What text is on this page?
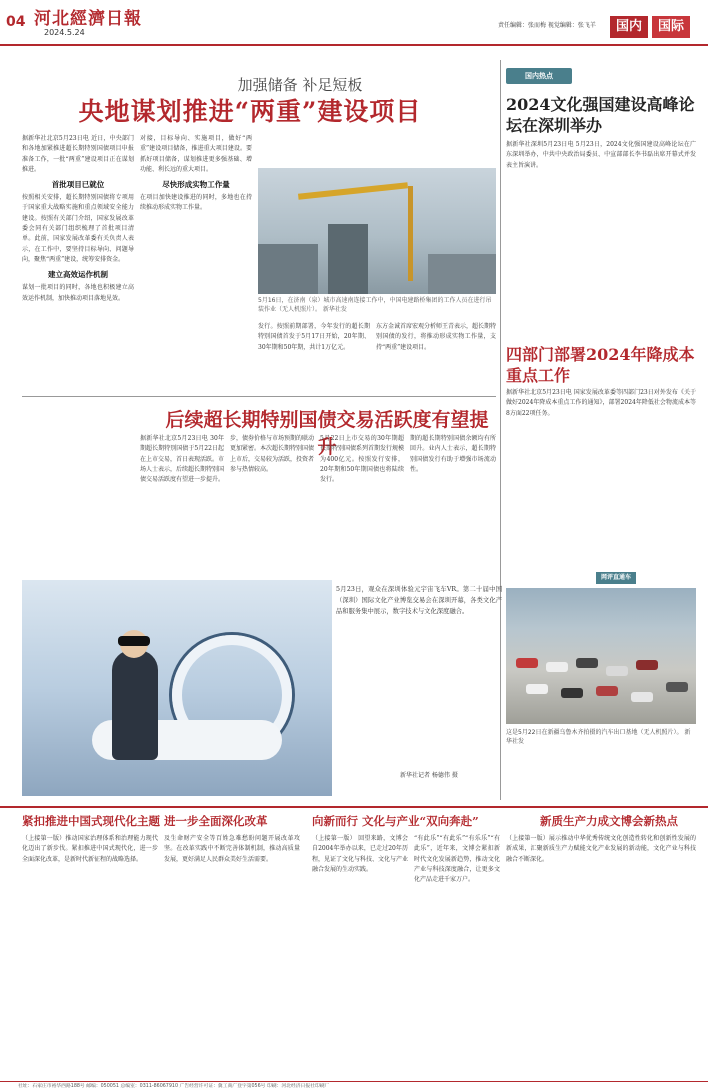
04 河北經濟日報
2024.5.24
责任编辑：张而梅 视觉编辑：张飞羊	国内	国际
加强储备 补足短板
央地谋划推进“两重”建设项目

据新华社北京5月23日电 近日，中央部门和各地加紧推进超长期特别国债项目申报准备工作，一批“两重”建设项目正在谋划推进。

首批项目已就位

按照相关安排，超长期特别国债将专项用于国家重大战略实施和重点领域安全能力建设。按照有关部门介绍，国家发展改革委会同有关部门组织梳理了首批项目清单。此前，国家发展改革委有关负责人表示，在工作中，要坚持目标导向、问题导向，聚焦“两重”建设，统筹安排资金。

建立高效运作机制

谋划一批项目的同时，各地也积极建立高效运作机制，加快推动项目落地见效。

对接，目标导向、实施项目，做好“两重”建设项目储备，推进重大项目建设。要抓好项目储备，谋划推进更多强基础、增功能、利长远的重大项目。

尽快形成实物工作量

在项目加快建设推进的同时，多地也在持续推动形成实物工作量。

5月16日，在济南（泉）城市高速南连接工作中，中国电建路桥集团的工作人员在进行吊装作业（无人机照片）。 新华社发

发行。按照前期部署，今年发行的超长期特别国债首发于5月17日开始，20年期、30年期和50年期，共计1万亿元。

东方金诚首席宏观分析师王青表示，超长期特别国债的发行，将推动形成实物工作量，支持“两重”建设项目。

后续超长期特别国债交易活跃度有望提升

据新华社北京5月23日电 30年期超长期特别国债于5月22日起在上市交易，首日表现活跃。市场人士表示，后续超长期特别国债交易活跃度有望进一步提升。

步，债券价格与市场预期的联动更加紧密。本次超长期特别国债上市后，交易较为活跃，投资者参与热情较高。

5月22日上市交易的30年期超长期特别国债系列首期发行规模为400亿元。按照发行安排，20年期和50年期国债也将陆续发行。

期的超长期特别国债余额均有所回升。业内人士表示，超长期特别国债发行有助于增强市场流动性。

国内热点
2024文化强国建设高峰论坛在深圳举办

据新华社深圳5月23日电 5月23日，2024文化强国建设高峰论坛在广东深圳举办，中共中央政治局委员、中宣部部长李书磊出席开幕式并发表主旨演讲。

四部门部署2024年降成本重点工作

据新华社北京5月23日电 国家发展改革委等四部门23日对外发布《关于做好2024年降成本重点工作的通知》，部署2024年降低社会物流成本等8方面22项任务。

网评直通车
5月23日，观众在深圳体验元宇宙飞车VR。第二十届中国（深圳）国际文化产业博览交易会在深圳开幕，各类文化产品和服务集中展示，数字技术与文化深度融合。
新华社记者 杨德伟 摄
这是5月22日在新疆乌鲁木齐拍摄的汽车出口基地（无人机照片）。 新华社发
紧扣推进中国式现代化主题 进一步全面深化改革

（上接第一版）推动国家治理体系和治理能力现代化迈出了新步伐。紧扣推进中国式现代化，进一步全面深化改革，是新时代新征程的战略选择。

及生命财产安全等百姓急难愁盼问题开展改革攻坚。在改革实践中不断完善体制机制，推动高质量发展，更好满足人民群众美好生活需要。

向新而行 文化与产业“双向奔赴”

（上接第一版） 回望来路，文博会自2004年举办以来，已走过20年历程，见证了文化与科技、文化与产业融合发展的生动实践。

“有此乐”“有此乐”“有乐乐”“有此乐”，近年来，文博会紧扣新时代文化发展新趋势，推动文化产业与科技深度融合，让更多文化产品走进千家万户。

新质生产力成文博会新热点

（上接第一版）展示推动中华优秀传统文化创造性转化和创新性发展的新成果，汇聚新质生产力赋能文化产业发展的新动能，文化产业与科技融合不断深化。

社址：石家庄市裕华西路188号 邮编：050051 总编室：0311-86067910 广告经营许可证：冀工商广登字第056号 印刷：河北经济日报社印刷厂
